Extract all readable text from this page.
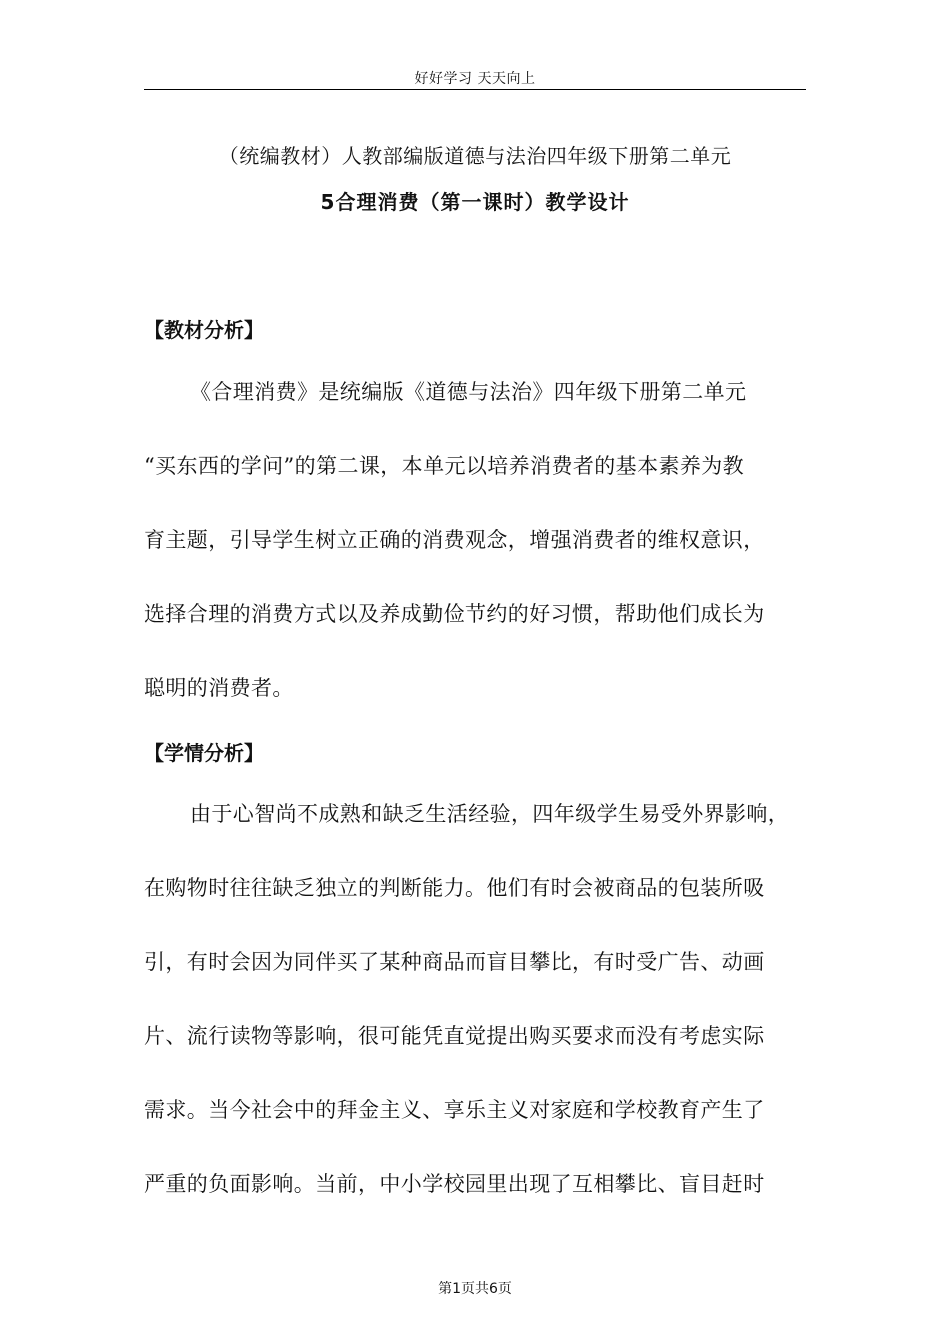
好好学习 天天向上
（统编教材）人教部编版道德与法治四年级下册第二单元
5合理消费（第一课时）教学设计
【教材分析】
《合理消费》是统编版《道德与法治》四年级下册第二单元
“买东西的学问”的第二课，本单元以培养消费者的基本素养为教
育主题，引导学生树立正确的消费观念，增强消费者的维权意识，
选择合理的消费方式以及养成勤俭节约的好习惯，帮助他们成长为
聪明的消费者。
【学情分析】
由于心智尚不成熟和缺乏生活经验，四年级学生易受外界影响，
在购物时往往缺乏独立的判断能力。他们有时会被商品的包装所吸
引，有时会因为同伴买了某种商品而盲目攀比，有时受广告、动画
片、流行读物等影响，很可能凭直觉提出购买要求而没有考虑实际
需求。当今社会中的拜金主义、享乐主义对家庭和学校教育产生了
严重的负面影响。当前，中小学校园里出现了互相攀比、盲目赶时
第1页共6页
